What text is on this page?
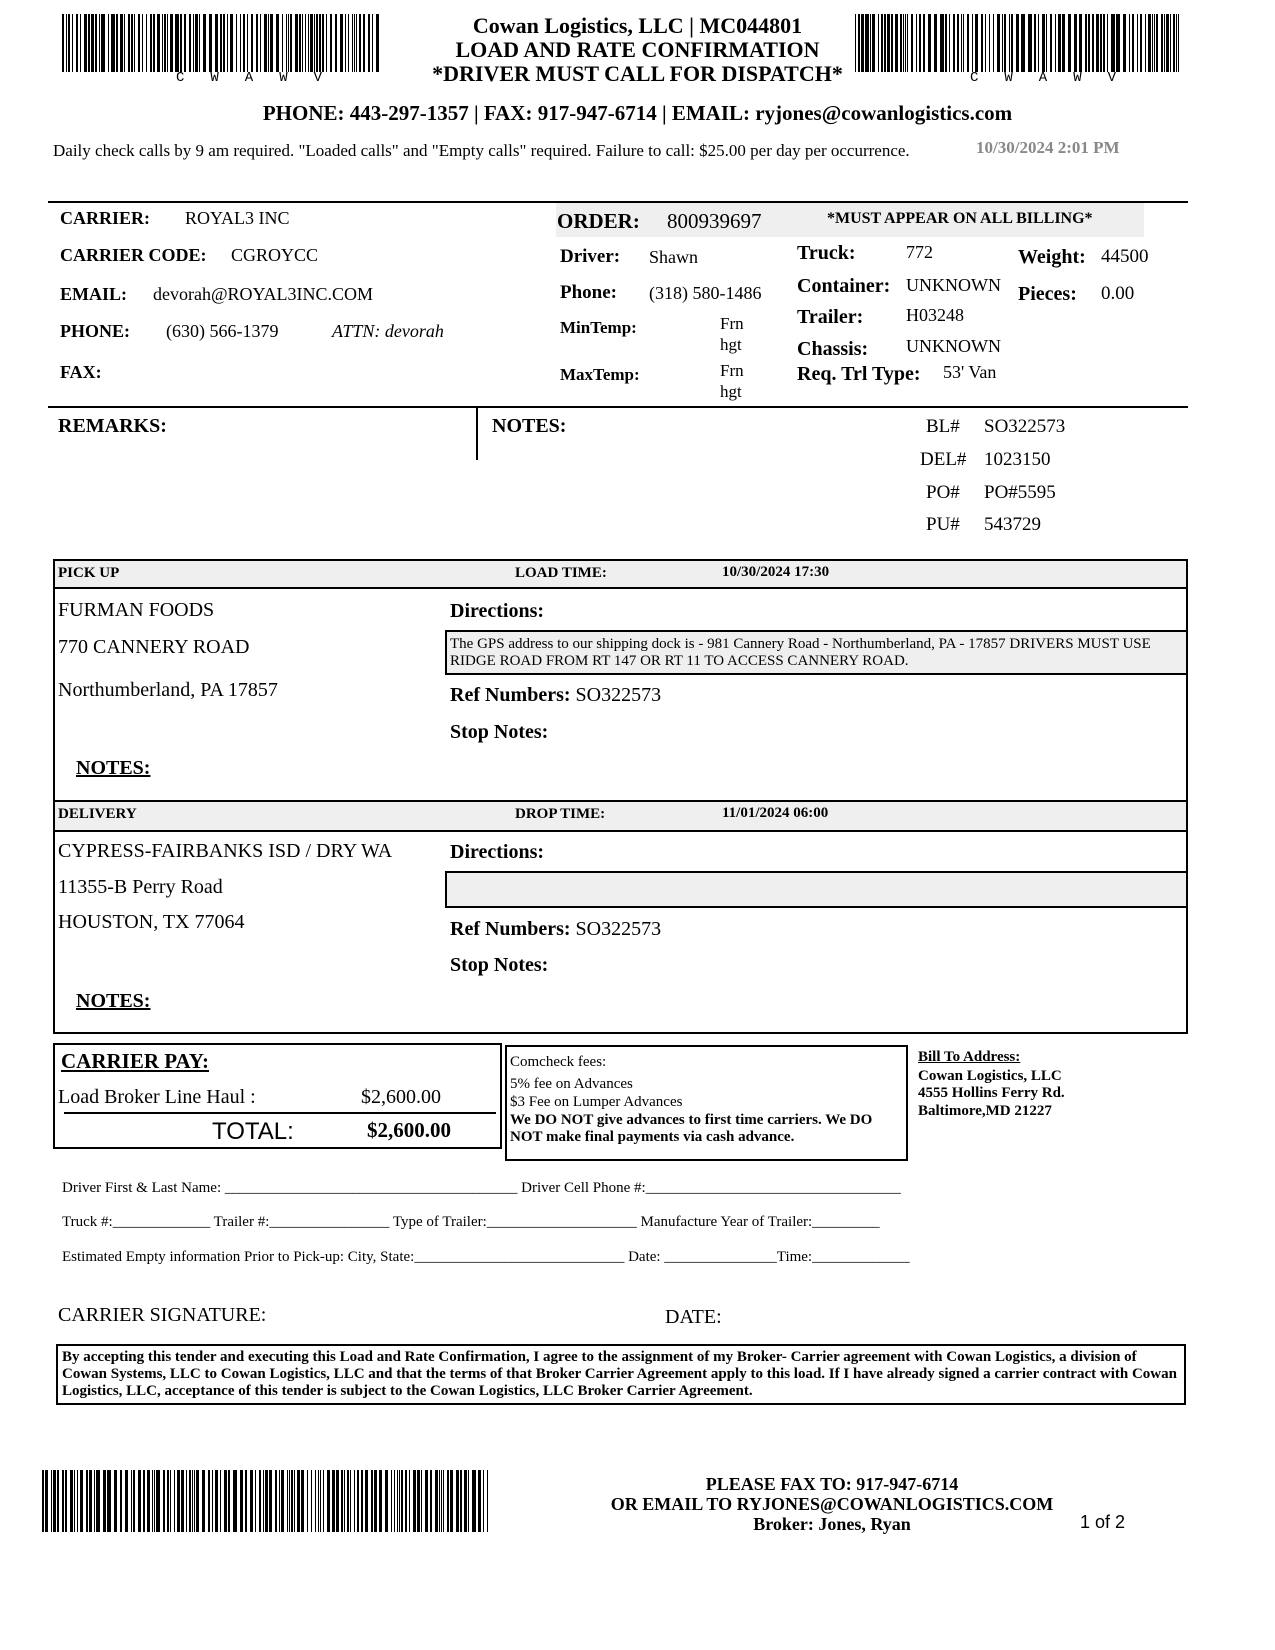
CWAWV	CWAWV
Cowan Logistics, LLC | MC044801
LOAD AND RATE CONFIRMATION
*DRIVER MUST CALL FOR DISPATCH*
PHONE: 443-297-1357 | FAX: 917-947-6714 | EMAIL: ryjones@cowanlogistics.com
Daily check calls by 9 am required. "Loaded calls" and "Empty calls" required. Failure to call: $25.00 per day per occurrence.	10/30/2024 2:01 PM
CARRIER: ROYAL3 INC
CARRIER CODE: CGROYCC
EMAIL: devorah@ROYAL3INC.COM
PHONE: (630) 566-1379	ATTN: devorah
FAX:
ORDER: 800939697	*MUST APPEAR ON ALL BILLING*
Driver: Shawn
Phone: (318) 580-1486
MinTemp:	Frn hgt
MaxTemp:	Frn hgt
Truck:	772
Container: UNKNOWN
Trailer: H03248
Chassis: UNKNOWN
Req. Trl Type: 53' Van
Weight: 44500
Pieces: 0.00
REMARKS:	NOTES:	BL# SO322573
DEL# 1023150
PO# PO#5595
PU# 543729
PICK UP	LOAD TIME:	10/30/2024 17:30
FURMAN FOODS
770 CANNERY ROAD
Northumberland, PA 17857
NOTES:
Directions:
The GPS address to our shipping dock is - 981 Cannery Road - Northumberland, PA - 17857 DRIVERS MUST USE RIDGE ROAD FROM RT 147 OR RT 11 TO ACCESS CANNERY ROAD.
Ref Numbers: SO322573
Stop Notes:
DELIVERY	DROP TIME:	11/01/2024 06:00
CYPRESS-FAIRBANKS ISD / DRY WA
11355-B Perry Road
HOUSTON, TX 77064
NOTES:
Directions:
Ref Numbers: SO322573
Stop Notes:
CARRIER PAY:
Load Broker Line Haul :	$2,600.00
TOTAL:	$2,600.00
Comcheck fees:
5% fee on Advances
$3 Fee on Lumper Advances
We DO NOT give advances to first time carriers. We DO NOT make final payments via cash advance.
Bill To Address:
Cowan Logistics, LLC
4555 Hollins Ferry Rd.
Baltimore,MD 21227
Driver First & Last Name: _______________________________________ Driver Cell Phone #:__________________________________
Truck #:_____________ Trailer #:________________ Type of Trailer:____________________ Manufacture Year of Trailer:_________
Estimated Empty information Prior to Pick-up: City, State:____________________________ Date: _______________Time:_____________
CARRIER SIGNATURE:	DATE:
By accepting this tender and executing this Load and Rate Confirmation, I agree to the assignment of my Broker- Carrier agreement with Cowan Logistics, a division of Cowan Systems, LLC to Cowan Logistics, LLC and that the terms of that Broker Carrier Agreement apply to this load. If I have already signed a carrier contract with Cowan Logistics, LLC, acceptance of this tender is subject to the Cowan Logistics, LLC Broker Carrier Agreement.
PLEASE FAX TO: 917-947-6714
OR EMAIL TO RYJONES@COWANLOGISTICS.COM
Broker: Jones, Ryan	1 of 2
